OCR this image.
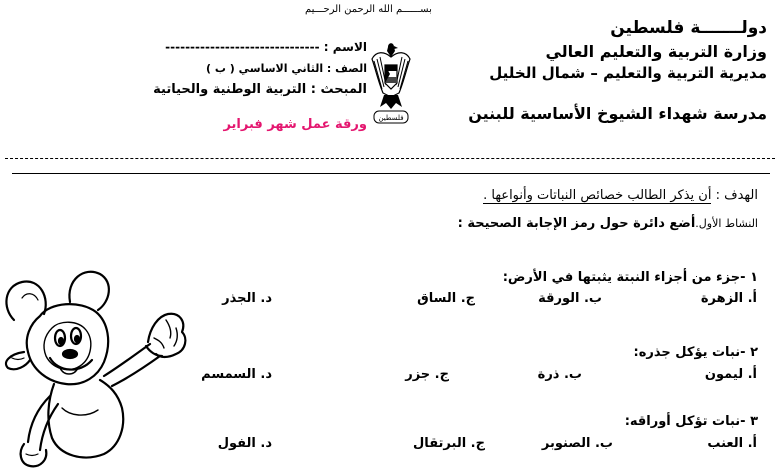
بســــــم الله الرحمن الرحـــيم
دولـــــــة فلسطين
وزارة التربية والتعليم العالي
مديرية التربية والتعليم – شمال الخليل
مدرسة شهداء الشيوخ الأساسية للبنين
الاسم : -------------------------------
الصف : الثاني الاساسي ( ب )
المبحث : التربية الوطنية والحياتية
ورقة عمل شهر فبراير فلسطين
الهدف : أن يذكر الطالب خصائص النباتات وأنواعها .
النشاط الأول.أضع دائرة حول رمز الإجابة الصحيحة :
١ -جزء من أجزاء النبتة يثبتها في الأرض:
أ. الزهرة
ب. الورقة
ج. الساق
د. الجذر
٢ -نبات يؤكل جذره:
أ. ليمون
ب. ذرة
ج. جزر
د. السمسم
٣ -نبات تؤكل أوراقه:
أ. العنب
ب. الصنوبر
ج. البرتقال
د. الفول
